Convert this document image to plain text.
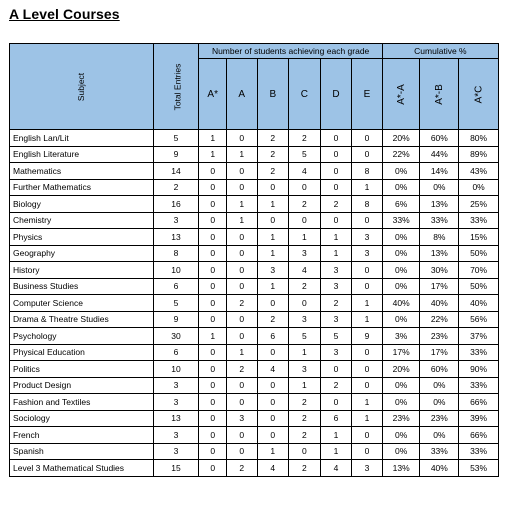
A Level Courses
Subject	Total Entries	Number of students achieving each grade						Cumulative %		
		A*	A	B	C	D	E	A*-A	A*-B	A*C
English Lan/Lit	5	1	0	2	2	0	0	20%	60%	80%
English Literature	9	1	1	2	5	0	0	22%	44%	89%
Mathematics	14	0	0	2	4	0	8	0%	14%	43%
Further Mathematics	2	0	0	0	0	0	1	0%	0%	0%
Biology	16	0	1	1	2	2	8	6%	13%	25%
Chemistry	3	0	1	0	0	0	0	33%	33%	33%
Physics	13	0	0	1	1	1	3	0%	8%	15%
Geography	8	0	0	1	3	1	3	0%	13%	50%
History	10	0	0	3	4	3	0	0%	30%	70%
Business Studies	6	0	0	1	2	3	0	0%	17%	50%
Computer Science	5	0	2	0	0	2	1	40%	40%	40%
Drama & Theatre Studies	9	0	0	2	3	3	1	0%	22%	56%
Psychology	30	1	0	6	5	5	9	3%	23%	37%
Physical Education	6	0	1	0	1	3	0	17%	17%	33%
Politics	10	0	2	4	3	0	0	20%	60%	90%
Product Design	3	0	0	0	1	2	0	0%	0%	33%
Fashion and Textiles	3	0	0	0	2	0	1	0%	0%	66%
Sociology	13	0	3	0	2	6	1	23%	23%	39%
French	3	0	0	0	2	1	0	0%	0%	66%
Spanish	3	0	0	1	0	1	0	0%	33%	33%
Level 3 Mathematical Studies	15	0	2	4	2	4	3	13%	40%	53%
